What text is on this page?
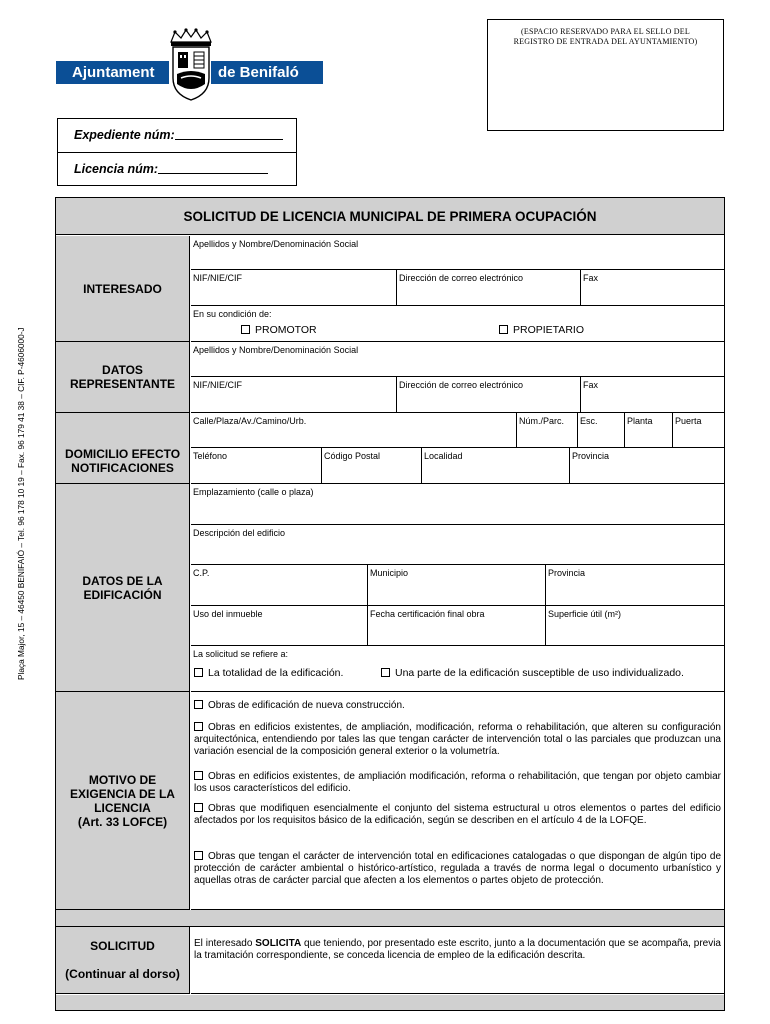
Ajuntament	de Benifaló
(ESPACIO RESERVADO PARA EL SELLO DEL
REGISTRO DE ENTRADA DEL AYUNTAMIENTO)
Expediente núm:
Licencia núm:
Plaça Major, 15 – 46450 BENIFAIÓ – Tel. 96 178 10 19 – Fax. 96 179 41 38 – CIF. P-4606000-J
SOLICITUD DE LICENCIA MUNICIPAL DE PRIMERA OCUPACIÓN
INTERESADO
Apellidos y Nombre/Denominación Social
NIF/NIE/CIF	Dirección de correo electrónico	Fax
En su condición de:
PROMOTOR	PROPIETARIO
DATOS
REPRESENTANTE
Apellidos y Nombre/Denominación Social
NIF/NIE/CIF	Dirección de correo electrónico	Fax
DOMICILIO EFECTO
NOTIFICACIONES
Calle/Plaza/Av./Camino/Urb.	Núm./Parc.	Esc.	Planta	Puerta
Teléfono	Código Postal	Localidad	Provincia
DATOS DE LA
EDIFICACIÓN
Emplazamiento (calle o plaza)
Descripción del edificio
C.P.	Municipio	Provincia
Uso del inmueble	Fecha certificación final obra	Superficie útil (m²)
La solicitud se refiere a:
La totalidad de la edificación.	Una parte de la edificación susceptible de uso individualizado.
MOTIVO DE
EXIGENCIA DE LA
LICENCIA
(Art. 33 LOFCE)
Obras de edificación de nueva construcción.
Obras en edificios existentes, de ampliación, modificación, reforma o rehabilitación, que alteren su configuración arquitectónica, entendiendo por tales las que tengan carácter de intervención total o las parciales que produzcan una variación esencial de la composición general exterior o la volumetría.
Obras en edificios existentes, de ampliación modificación, reforma o rehabilitación, que tengan por objeto cambiar los usos característicos del edificio.
Obras que modifiquen esencialmente el conjunto del sistema estructural u otros elementos o partes del edificio afectados por los requisitos básico de la edificación, según se describen en el artículo 4 de la LOFQE.
Obras que tengan el carácter de intervención total en edificaciones catalogadas o que dispongan de algún tipo de protección de carácter ambiental o histórico-artístico, regulada a través de norma legal o documento urbanístico y aquellas otras de carácter parcial que afecten a los elementos o partes objeto de protección.
SOLICITUD
(Continuar al dorso)
El interesado SOLICITA que teniendo, por presentado este escrito, junto a la documentación que se acompaña, previa la tramitación correspondiente, se conceda licencia de empleo de la edificación descrita.
